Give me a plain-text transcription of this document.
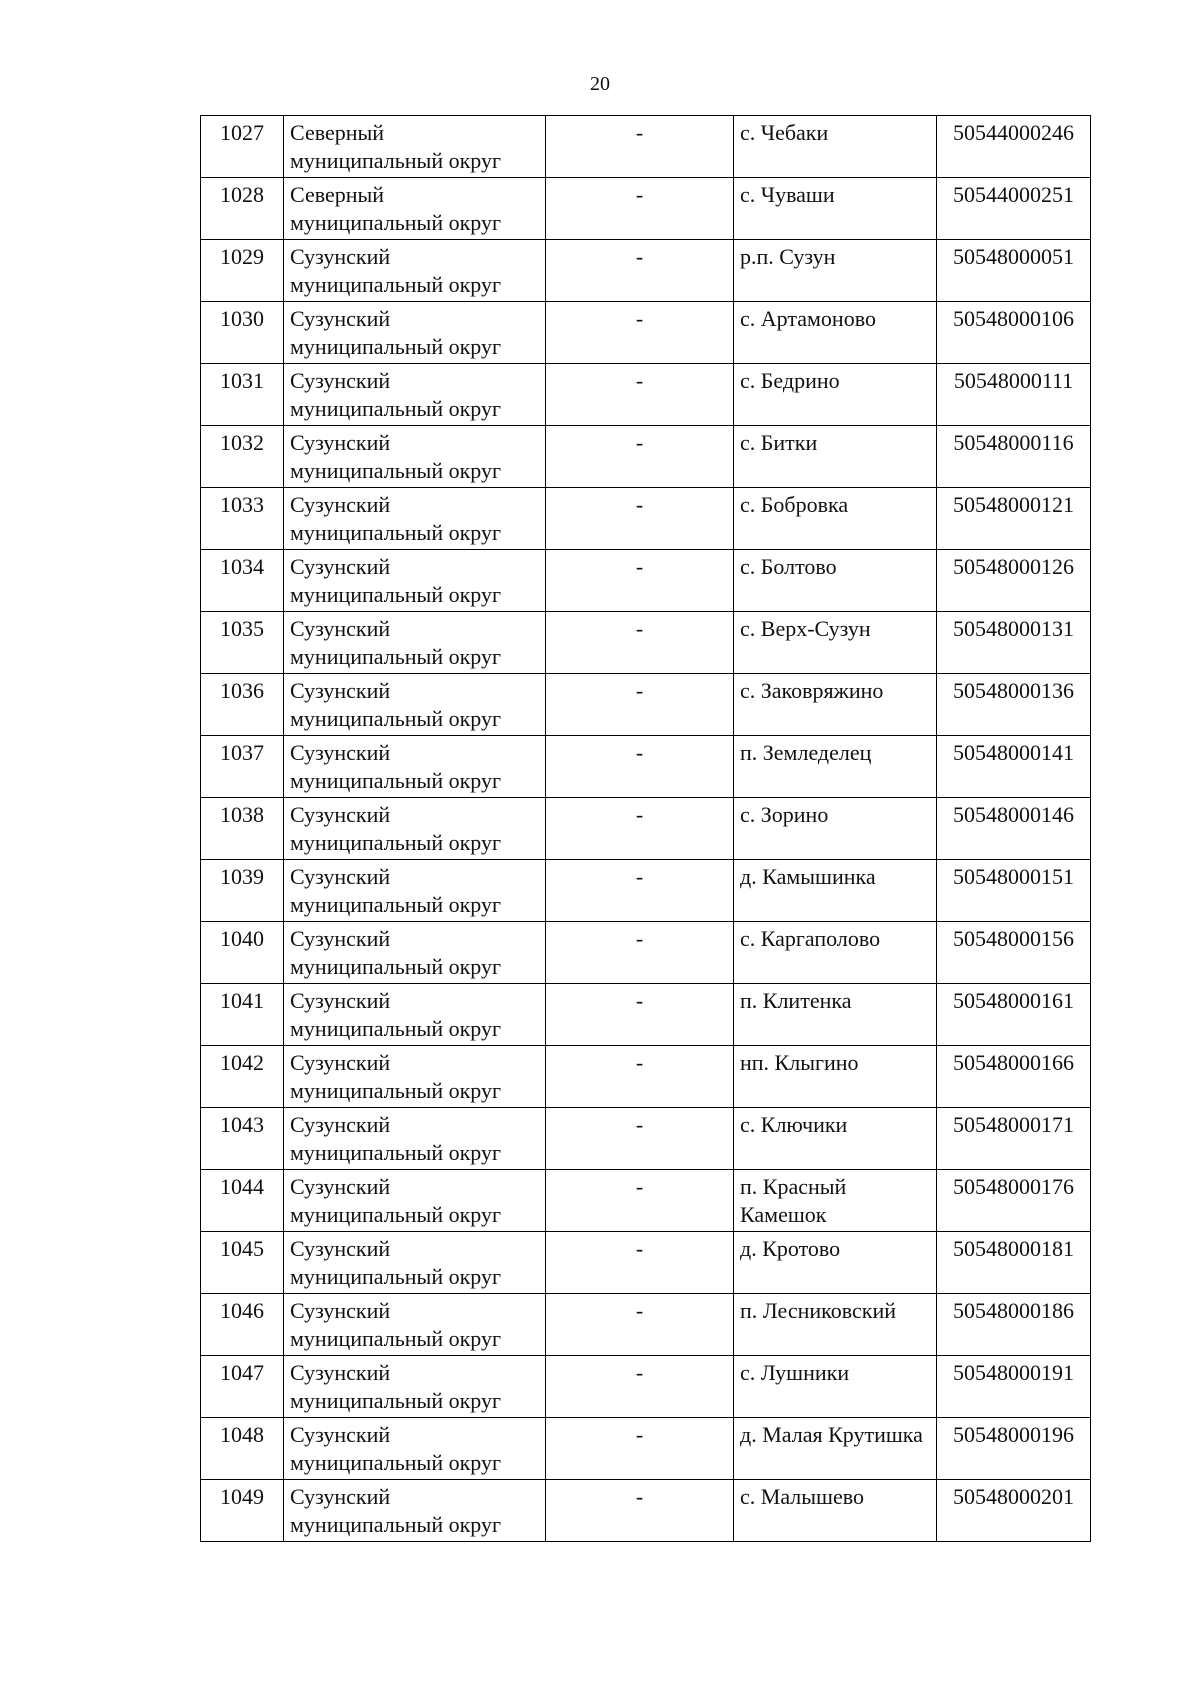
20
1027	Северный муниципальный округ	-	с. Чебаки	50544000246
1028	Северный муниципальный округ	-	с. Чуваши	50544000251
1029	Сузунский муниципальный округ	-	р.п. Сузун	50548000051
1030	Сузунский муниципальный округ	-	с. Артамоново	50548000106
1031	Сузунский муниципальный округ	-	с. Бедрино	50548000111
1032	Сузунский муниципальный округ	-	с. Битки	50548000116
1033	Сузунский муниципальный округ	-	с. Бобровка	50548000121
1034	Сузунский муниципальный округ	-	с. Болтово	50548000126
1035	Сузунский муниципальный округ	-	с. Верх-Сузун	50548000131
1036	Сузунский муниципальный округ	-	с. Заковряжино	50548000136
1037	Сузунский муниципальный округ	-	п. Земледелец	50548000141
1038	Сузунский муниципальный округ	-	с. Зорино	50548000146
1039	Сузунский муниципальный округ	-	д. Камышинка	50548000151
1040	Сузунский муниципальный округ	-	с. Каргаполово	50548000156
1041	Сузунский муниципальный округ	-	п. Клитенка	50548000161
1042	Сузунский муниципальный округ	-	нп. Клыгино	50548000166
1043	Сузунский муниципальный округ	-	с. Ключики	50548000171
1044	Сузунский муниципальный округ	-	п. Красный Камешок	50548000176
1045	Сузунский муниципальный округ	-	д. Кротово	50548000181
1046	Сузунский муниципальный округ	-	п. Лесниковский	50548000186
1047	Сузунский муниципальный округ	-	с. Лушники	50548000191
1048	Сузунский муниципальный округ	-	д. Малая Крутишка	50548000196
1049	Сузунский муниципальный округ	-	с. Малышево	50548000201
